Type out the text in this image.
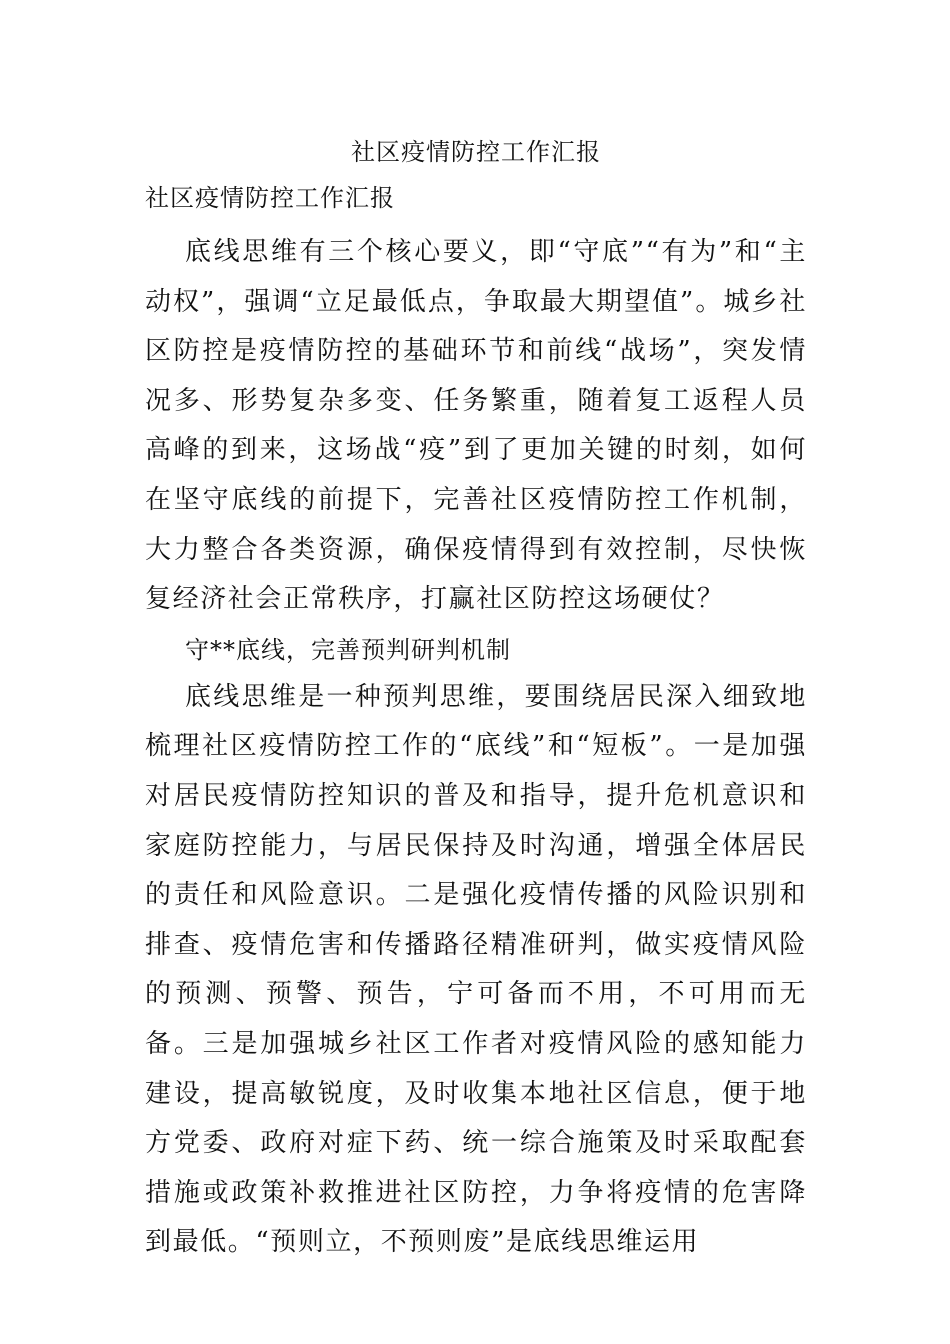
社区疫情防控工作汇报
社区疫情防控工作汇报

底线思维有三个核心要义，即“守底”“有为”和“主动权”，强调“立足最低点，争取最大期望值”。城乡社区防控是疫情防控的基础环节和前线“战场”，突发情况多、形势复杂多变、任务繁重，随着复工返程人员高峰的到来，这场战“疫”到了更加关键的时刻，如何在坚守底线的前提下，完善社区疫情防控工作机制，大力整合各类资源，确保疫情得到有效控制，尽快恢复经济社会正常秩序，打赢社区防控这场硬仗？

守**底线，完善预判研判机制

底线思维是一种预判思维，要围绕居民深入细致地梳理社区疫情防控工作的“底线”和“短板”。一是加强对居民疫情防控知识的普及和指导，提升危机意识和家庭防控能力，与居民保持及时沟通，增强全体居民的责任和风险意识。二是强化疫情传播的风险识别和排查、疫情危害和传播路径精准研判，做实疫情风险的预测、预警、预告，宁可备而不用，不可用而无备。三是加强城乡社区工作者对疫情风险的感知能力建设，提高敏锐度，及时收集本地社区信息，便于地方党委、政府对症下药、统一综合施策及时采取配套措施或政策补救推进社区防控，力争将疫情的危害降到最低。“预则立，不预则废”是底线思维运用
